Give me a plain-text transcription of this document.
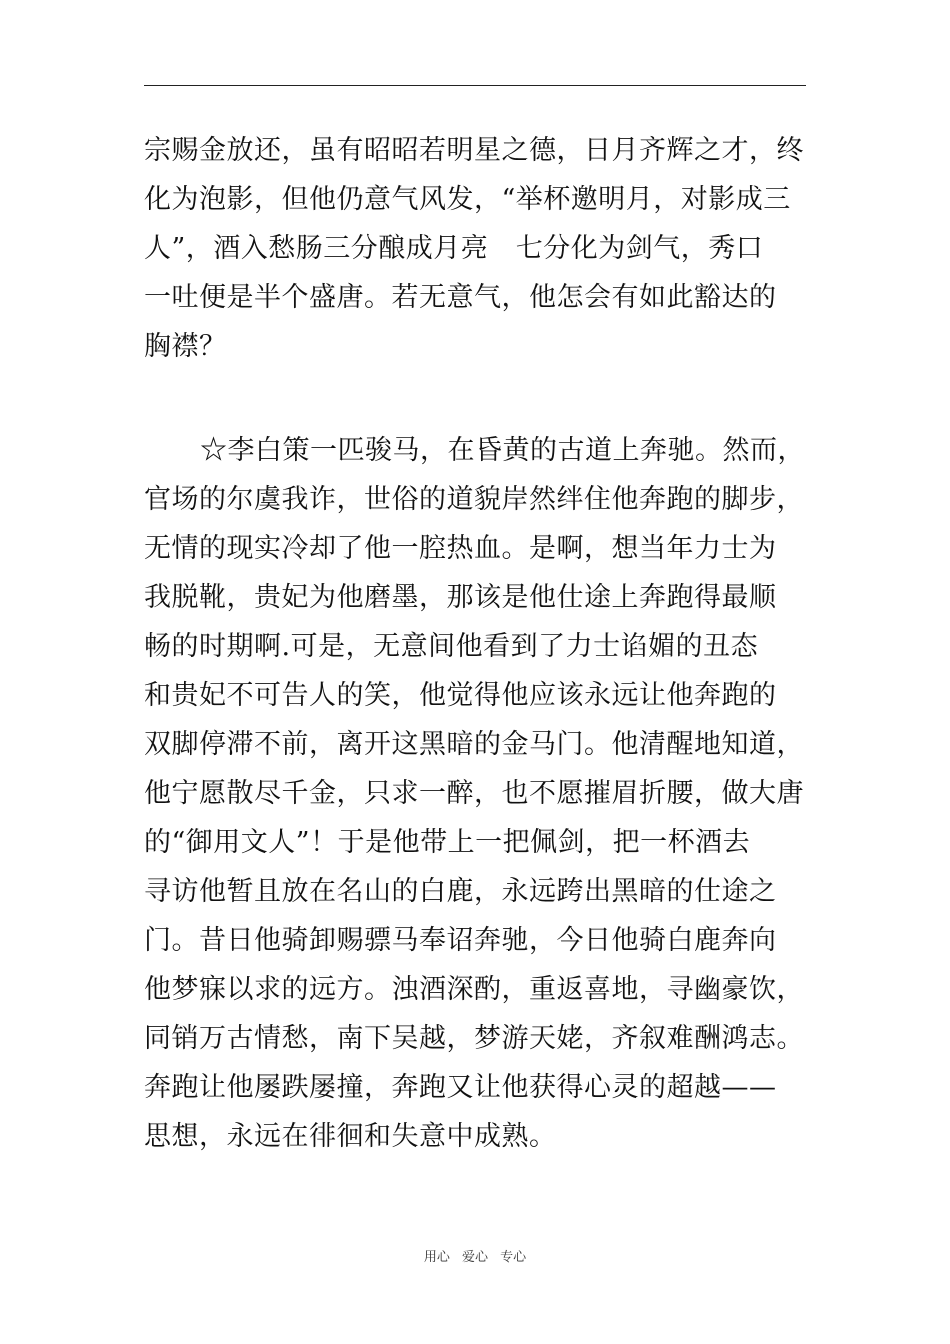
宗赐金放还，虽有昭昭若明星之德，日月齐辉之才，终
化为泡影，但他仍意气风发，“举杯邀明月，对影成三
人”，酒入愁肠三分酿成月亮　七分化为剑气，秀口
一吐便是半个盛唐。若无意气，他怎会有如此豁达的
胸襟？
☆李白策一匹骏马，在昏黄的古道上奔驰。然而，
官场的尔虞我诈，世俗的道貌岸然绊住他奔跑的脚步，
无情的现实冷却了他一腔热血。是啊，想当年力士为
我脱靴，贵妃为他磨墨，那该是他仕途上奔跑得最顺
畅的时期啊.可是，无意间他看到了力士谄媚的丑态
和贵妃不可告人的笑，他觉得他应该永远让他奔跑的
双脚停滞不前，离开这黑暗的金马门。他清醒地知道，
他宁愿散尽千金，只求一醉，也不愿摧眉折腰，做大唐
的“御用文人”！于是他带上一把佩剑，把一杯酒去
寻访他暂且放在名山的白鹿，永远跨出黑暗的仕途之
门。昔日他骑卸赐骠马奉诏奔驰，今日他骑白鹿奔向
他梦寐以求的远方。浊酒深酌，重返喜地，寻幽豪饮，
同销万古情愁，南下吴越，梦游天姥，齐叙难酬鸿志。
奔跑让他屡跌屡撞，奔跑又让他获得心灵的超越——
思想，永远在徘徊和失意中成熟。
用心 爱心 专心
